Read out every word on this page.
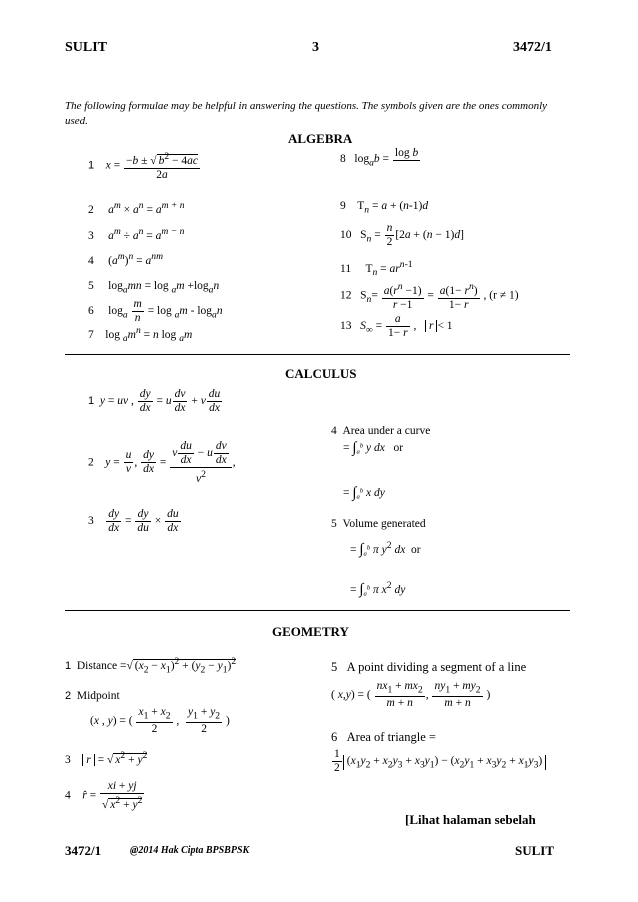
SULIT	3	3472/1
The following formulae may be helpful in answering the questions. The symbols given are the ones commonly used.
ALGEBRA
1 $x = \frac{-b \pm √ b^2 - 4ac}{2a}$
2 $a^m \times a^n = a^{m + n}$
3 $a^m \div a^n = a^{m - n}$
4     $(a^m)^n = a^{nm}$
5     $\log_amn = \log _am +\log_an$
6     $\log_a \frac{m}{n} = \log _am - \log_an$
7    $\log _am^n = n$ log $_a$m
8 $\log_ab = \log b$

9 $T_n = a + (n-1)d$
10   $S_n = \frac{n}{2} [2a + (n - 1)d]$
11     $T_n = ar^{n-1}$
12   $S_n= \frac{a(r^n -1)}{r -1} = \frac{a(1- r^n)}{1- r}$ , (r ≠ 1)
13 $S_\infty = \frac{a}{1- r}$ ,   r < 1
CALCULUS
1 y = uv , $\frac{dy}{dx} = u \frac{dv}{dx} + v \frac{du}{dx}$
2 $y = \frac{u}{v}$ , $\frac{dy}{dx} = \frac{v \frac{du}{dx} - u \frac{dv}{dx}}{v^2}$ ,
$3 \frac{dy}{dx} = \frac{dy}{du} \times \frac{du}{dx}$
4 Area under a curve
= $\int_a^b$ y dx or
= $\int_a^b$ x dy
5 Volume generated
= $\int_a^b$ π $y^2$ dx or
= $\int_a^b$ π $x^2$ dy
GEOMETRY
1 Distance =√ $(x_2 - x_1)^2 + (y_2 - y_1)^2$
2 Midpoint
(x , y) = ( $\frac{x_1 + x_2}{2}$ , $\frac{y_1 + y_2}{2}$ )
3 r = √ $x^2 + y^2$
4 r̂ = $\frac{xi + yj}{√ x^2 + y^2}$
5 A point dividing a segment of a line
( x,y) = ( $\frac{nx_1 + mx_2}{m + n}$ , $\frac{ny_1 + my_2}{m + n}$ )
6 Area of triangle =
$\frac{1}{2} (x_1y_2 + x_2y_3 + x_3y_1) - (x_2y_1 + x_3y_2 + x_1y_3)$
[Lihat halaman sebelah
3472/1	@2014 Hak Cipta BPSBPSK	SULIT
